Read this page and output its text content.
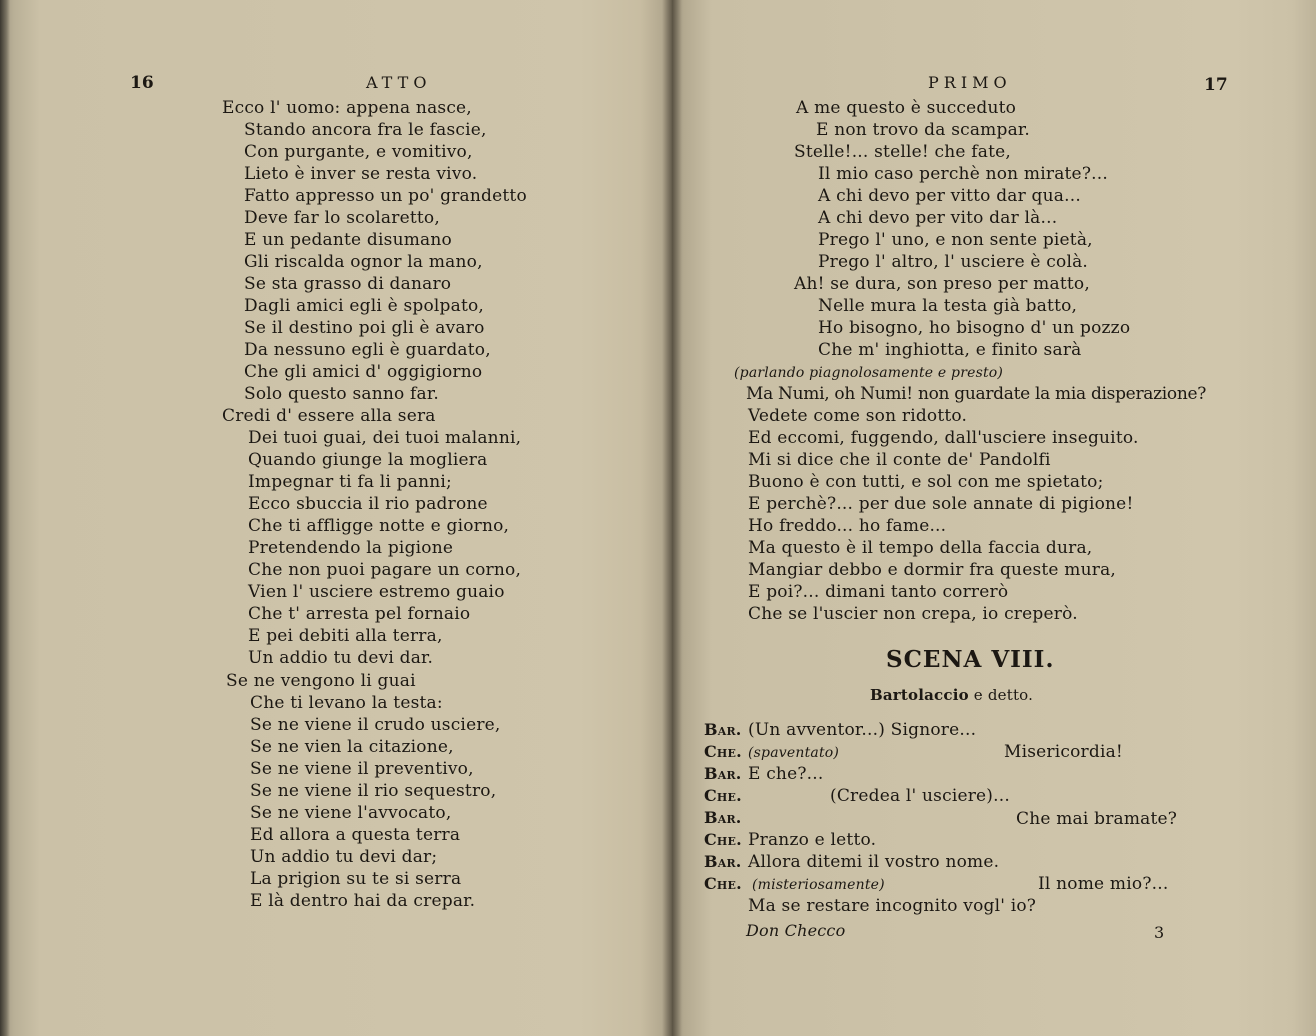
16	ATTO
Ecco l' uomo: appena nasce,
Stando ancora fra le fascie,
Con purgante, e vomitivo,
Lieto è inver se resta vivo.
Fatto appresso un po' grandetto
Deve far lo scolaretto,
E un pedante disumano
Gli riscalda ognor la mano,
Se sta grasso di danaro
Dagli amici egli è spolpato,
Se il destino poi gli è avaro
Da nessuno egli è guardato,
Che gli amici d' oggigiorno
Solo questo sanno far.
Credi d' essere alla sera
Dei tuoi guai, dei tuoi malanni,
Quando giunge la mogliera
Impegnar ti fa li panni;
Ecco sbuccia il rio padrone
Che ti affligge notte e giorno,
Pretendendo la pigione
Che non puoi pagare un corno,
Vien l' usciere estremo guaio
Che t' arresta pel fornaio
E pei debiti alla terra,
Un addio tu devi dar.
Se ne vengono li guai
Che ti levano la testa:
Se ne viene il crudo usciere,
Se ne vien la citazione,
Se ne viene il preventivo,
Se ne viene il rio sequestro,
Se ne viene l'avvocato,
Ed allora a questa terra
Un addio tu devi dar;
La prigion su te si serra
E là dentro hai da crepar.
PRIMO	17
A me questo è succeduto
E non trovo da scampar.
Stelle!... stelle! che fate,
Il mio caso perchè non mirate?...
A chi devo per vitto dar qua...
A chi devo per vito dar là...
Prego l' uno, e non sente pietà,
Prego l' altro, l' usciere è colà.
Ah! se dura, son preso per matto,
Nelle mura la testa già batto,
Ho bisogno, ho bisogno d' un pozzo
Che m' inghiotta, e finito sarà
(parlando piagnolosamente e presto)
Ma Numi, oh Numi! non guardate la mia disperazione?
Vedete come son ridotto.
Ed eccomi, fuggendo, dall'usciere inseguito.
Mi si dice che il conte de' Pandolfi
Buono è con tutti, e sol con me spietato;
E perchè?... per due sole annate di pigione!
Ho freddo... ho fame...
Ma questo è il tempo della faccia dura,
Mangiar debbo e dormir fra queste mura,
E poi?... dimani tanto correrò
Che se l'uscier non crepa, io creperò.
SCENA VIII.
Bartolaccio e detto.
Bar. (Un avventor...) Signore...
Che. (spaventato)	Misericordia!
Bar. E che?...
Che.	(Credea l' usciere)...
Bar.	Che mai bramate?
Che. Pranzo e letto.
Bar. Allora ditemi il vostro nome.
Che. (misteriosamente)	Il nome mio?...
Ma se restare incognito vogl' io?
Don Checco	3
